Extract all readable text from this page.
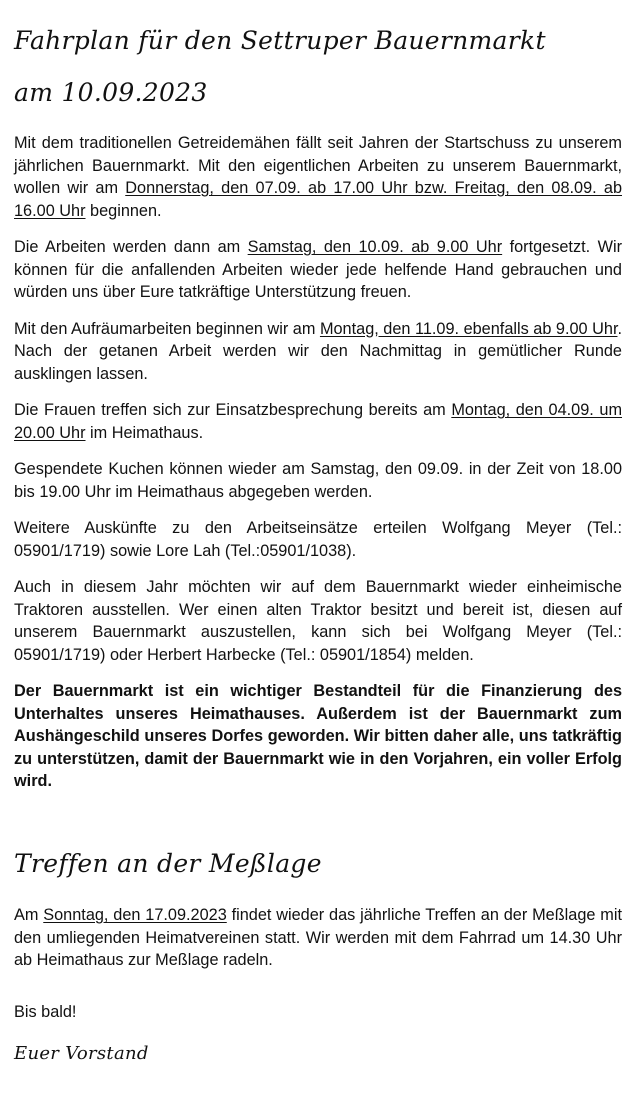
Fahrplan für den Settruper Bauernmarkt
am 10.09.2023

Mit dem traditionellen Getreidemähen fällt seit Jahren der Startschuss zu unserem jährlichen Bauernmarkt. Mit den eigentlichen Arbeiten zu unserem Bauernmarkt, wollen wir am Donnerstag, den 07.09. ab 17.00 Uhr bzw. Freitag, den 08.09. ab 16.00 Uhr beginnen.

Die Arbeiten werden dann am Samstag, den 10.09. ab 9.00 Uhr fortgesetzt. Wir können für die anfallenden Arbeiten wieder jede helfende Hand gebrauchen und würden uns über Eure tatkräftige Unterstützung freuen.

Mit den Aufräumarbeiten beginnen wir am Montag, den 11.09. ebenfalls ab 9.00 Uhr. Nach der getanen Arbeit werden wir den Nachmittag in gemütlicher Runde ausklingen lassen.

Die Frauen treffen sich zur Einsatzbesprechung bereits am Montag, den 04.09. um 20.00 Uhr im Heimathaus.

Gespendete Kuchen können wieder am Samstag, den 09.09. in der Zeit von 18.00 bis 19.00 Uhr im Heimathaus abgegeben werden.

Weitere Auskünfte zu den Arbeitseinsätze erteilen Wolfgang Meyer (Tel.: 05901/1719) sowie Lore Lah (Tel.:05901/1038).

Auch in diesem Jahr möchten wir auf dem Bauernmarkt wieder einheimische Traktoren ausstellen. Wer einen alten Traktor besitzt und bereit ist, diesen auf unserem Bauernmarkt auszustellen, kann sich bei Wolfgang Meyer (Tel.: 05901/1719) oder Herbert Harbecke (Tel.: 05901/1854) melden.

Der Bauernmarkt ist ein wichtiger Bestandteil für die Finanzierung des Unterhaltes unseres Heimathauses. Außerdem ist der Bauernmarkt zum Aushängeschild unseres Dorfes geworden. Wir bitten daher alle, uns tatkräftig zu unterstützen, damit der Bauernmarkt wie in den Vorjahren, ein voller Erfolg wird.

Treffen an der Meßlage

Am Sonntag, den 17.09.2023 findet wieder das jährliche Treffen an der Meßlage mit den umliegenden Heimatvereinen statt. Wir werden mit dem Fahrrad um 14.30 Uhr ab Heimathaus zur Meßlage radeln.

Bis bald!
Euer Vorstand
